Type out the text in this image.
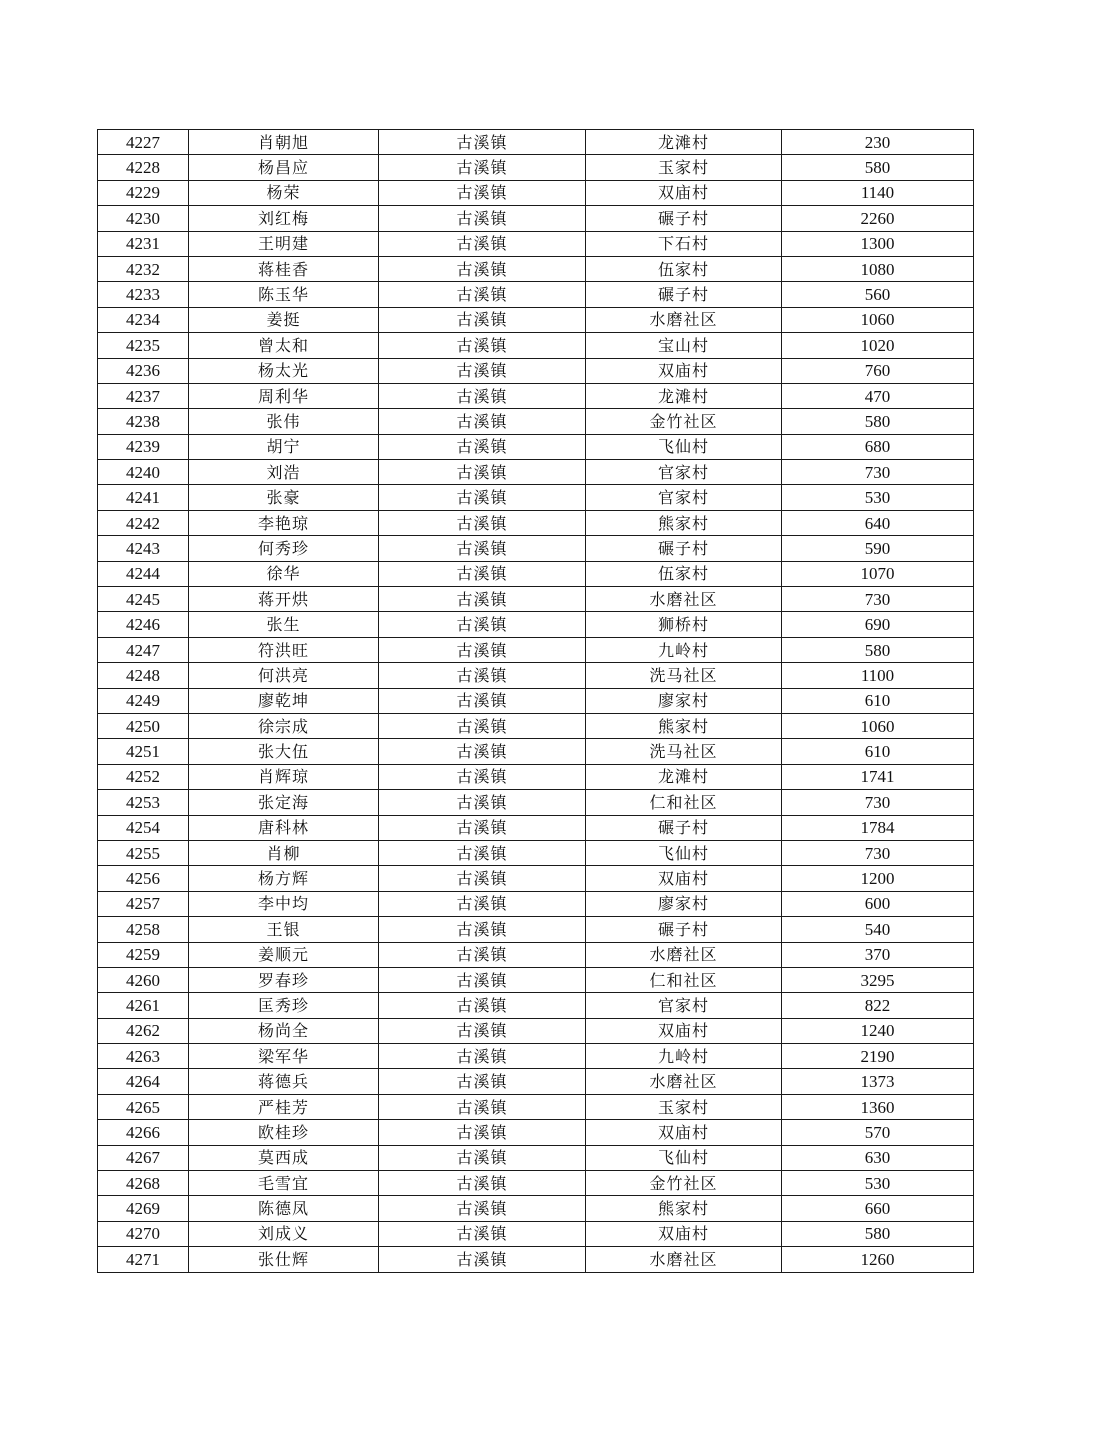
4227	肖朝旭	古溪镇	龙滩村	230
4228	杨昌应	古溪镇	玉家村	580
4229	杨荣	古溪镇	双庙村	1140
4230	刘红梅	古溪镇	碾子村	2260
4231	王明建	古溪镇	下石村	1300
4232	蒋桂香	古溪镇	伍家村	1080
4233	陈玉华	古溪镇	碾子村	560
4234	姜挺	古溪镇	水磨社区	1060
4235	曾太和	古溪镇	宝山村	1020
4236	杨太光	古溪镇	双庙村	760
4237	周利华	古溪镇	龙滩村	470
4238	张伟	古溪镇	金竹社区	580
4239	胡宁	古溪镇	飞仙村	680
4240	刘浩	古溪镇	官家村	730
4241	张豪	古溪镇	官家村	530
4242	李艳琼	古溪镇	熊家村	640
4243	何秀珍	古溪镇	碾子村	590
4244	徐华	古溪镇	伍家村	1070
4245	蒋开烘	古溪镇	水磨社区	730
4246	张生	古溪镇	狮桥村	690
4247	符洪旺	古溪镇	九岭村	580
4248	何洪亮	古溪镇	洗马社区	1100
4249	廖乾坤	古溪镇	廖家村	610
4250	徐宗成	古溪镇	熊家村	1060
4251	张大伍	古溪镇	洗马社区	610
4252	肖辉琼	古溪镇	龙滩村	1741
4253	张定海	古溪镇	仁和社区	730
4254	唐科林	古溪镇	碾子村	1784
4255	肖柳	古溪镇	飞仙村	730
4256	杨方辉	古溪镇	双庙村	1200
4257	李中均	古溪镇	廖家村	600
4258	王银	古溪镇	碾子村	540
4259	姜顺元	古溪镇	水磨社区	370
4260	罗春珍	古溪镇	仁和社区	3295
4261	匡秀珍	古溪镇	官家村	822
4262	杨尚全	古溪镇	双庙村	1240
4263	梁军华	古溪镇	九岭村	2190
4264	蒋德兵	古溪镇	水磨社区	1373
4265	严桂芳	古溪镇	玉家村	1360
4266	欧桂珍	古溪镇	双庙村	570
4267	莫西成	古溪镇	飞仙村	630
4268	毛雪宜	古溪镇	金竹社区	530
4269	陈德凤	古溪镇	熊家村	660
4270	刘成义	古溪镇	双庙村	580
4271	张仕辉	古溪镇	水磨社区	1260
